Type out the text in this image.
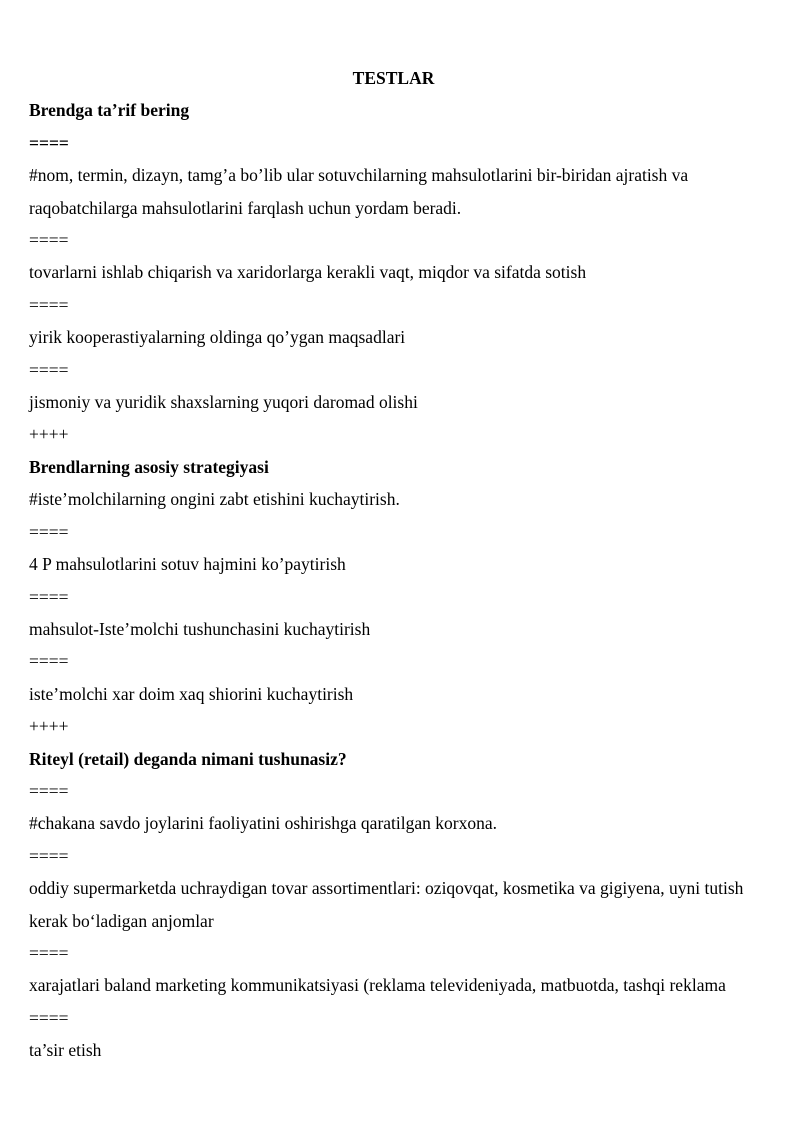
TESTLAR

Brendga ta’rif bering

====

#nom, termin, dizayn, tamg’a bo’lib ular sotuvchilarning mahsulotlarini bir-biridan ajratish va raqobatchilarga mahsulotlarini farqlash uchun yordam beradi.

====

tovarlarni ishlab chiqarish va xaridorlarga kerakli vaqt, miqdor va sifatda sotish

====

yirik kooperastiyalarning oldinga qo’ygan maqsadlari

====

jismoniy va yuridik shaxslarning yuqori daromad olishi

++++

Brendlarning asosiy strategiyasi

#iste’molchilarning ongini zabt etishini kuchaytirish.

====

4 P mahsulotlarini sotuv hajmini ko’paytirish

====

mahsulot-Iste’molchi tushunchasini kuchaytirish

====

iste’molchi xar doim xaq shiorini kuchaytirish

++++

Riteyl (retail) deganda nimani tushunasiz?

====

#chakana savdo joylarini faoliyatini oshirishga qaratilgan korxona.

====

oddiy supermarketda uchraydigan tovar assortimentlari: oziqovqat, kosmetika va gigiyena, uyni tutish kerak bo‘ladigan anjomlar

====

xarajatlari baland marketing kommunikatsiyasi (reklama televideniyada, matbuotda, tashqi reklama

====

ta’sir etish
